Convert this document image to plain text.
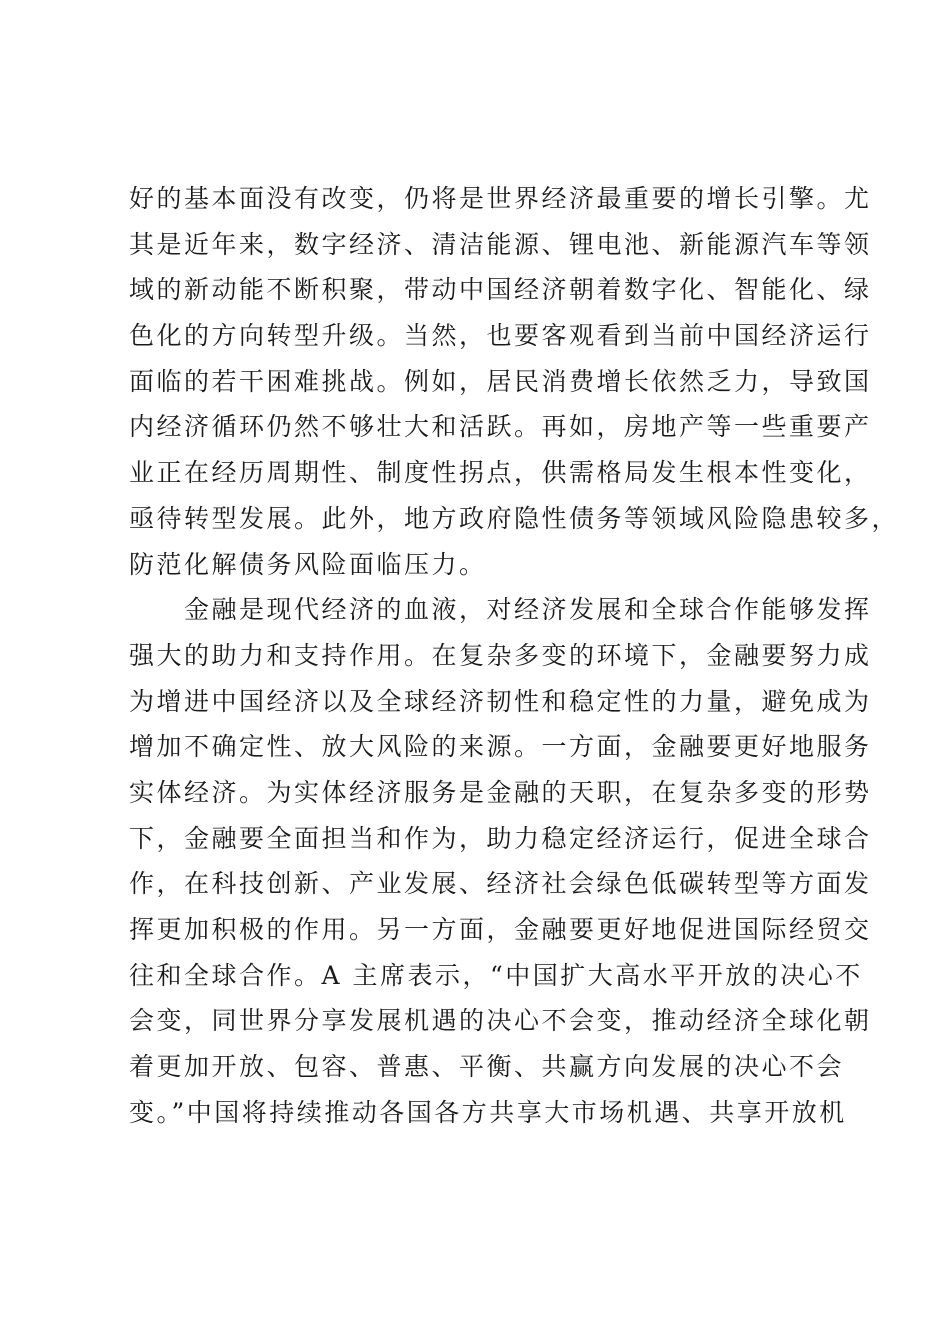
好的基本面没有改变，仍将是世界经济最重要的增长引擎。尤
其是近年来，数字经济、清洁能源、锂电池、新能源汽车等领
域的新动能不断积聚，带动中国经济朝着数字化、智能化、绿
色化的方向转型升级。当然，也要客观看到当前中国经济运行
面临的若干困难挑战。例如，居民消费增长依然乏力，导致国
内经济循环仍然不够壮大和活跃。再如，房地产等一些重要产
业正在经历周期性、制度性拐点，供需格局发生根本性变化，
亟待转型发展。此外，地方政府隐性债务等领域风险隐患较多，
防范化解债务风险面临压力。
　　金融是现代经济的血液，对经济发展和全球合作能够发挥
强大的助力和支持作用。在复杂多变的环境下，金融要努力成
为增进中国经济以及全球经济韧性和稳定性的力量，避免成为
增加不确定性、放大风险的来源。一方面，金融要更好地服务
实体经济。为实体经济服务是金融的天职，在复杂多变的形势
下，金融要全面担当和作为，助力稳定经济运行，促进全球合
作，在科技创新、产业发展、经济社会绿色低碳转型等方面发
挥更加积极的作用。另一方面，金融要更好地促进国际经贸交
往和全球合作。A 主席表示，“中国扩大高水平开放的决心不
会变，同世界分享发展机遇的决心不会变，推动经济全球化朝
着更加开放、包容、普惠、平衡、共赢方向发展的决心不会
变。”中国将持续推动各国各方共享大市场机遇、共享开放机
